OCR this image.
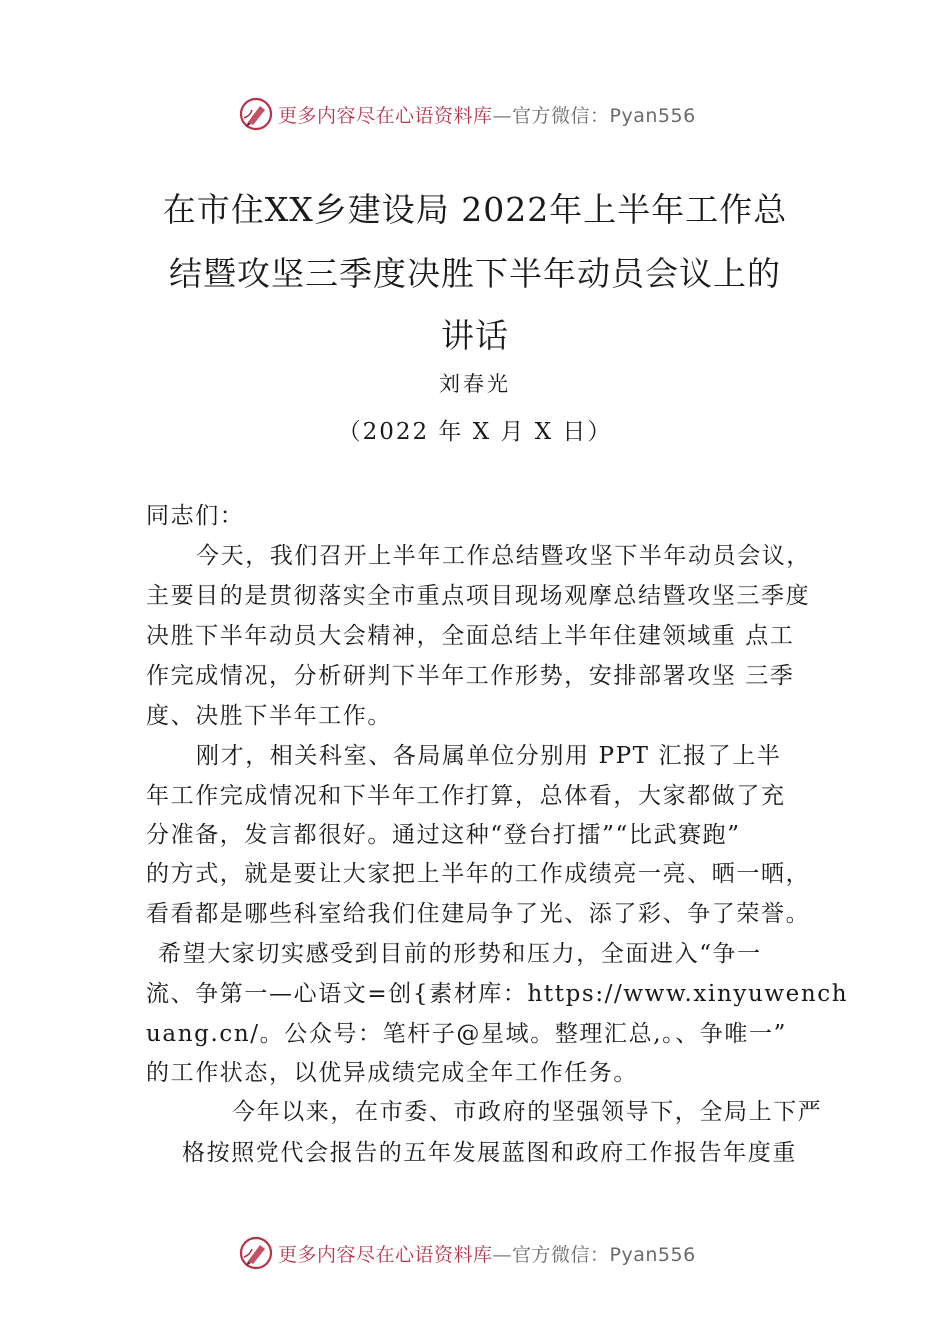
更多内容尽在心语资料库—官方微信：Pyan556
在市住XX乡建设局 2022年上半年工作总
结暨攻坚三季度决胜下半年动员会议上的
讲话
刘春光
（2022 年 X 月 X 日）
同志们：
今天，我们召开上半年工作总结暨攻坚下半年动员会议，
主要目的是贯彻落实全市重点项目现场观摩总结暨攻坚三季度
决胜下半年动员大会精神，全面总结上半年住建领域重 点工
作完成情况，分析研判下半年工作形势，安排部署攻坚 三季
度、决胜下半年工作。
刚才，相关科室、各局属单位分别用 PPT 汇报了上半
年工作完成情况和下半年工作打算，总体看，大家都做了充
分准备，发言都很好。通过这种“登台打擂”“比武赛跑”
的方式，就是要让大家把上半年的工作成绩亮一亮、晒一晒，
看看都是哪些科室给我们住建局争了光、添了彩、争了荣誉。
希望大家切实感受到目前的形势和压力，全面进入“争一
流、争第一—心语文=创{素材库：https://www.xinyuwench
uang.cn/。公众号：笔杆子@星域。整理汇总,。、争唯一”
的工作状态，以优异成绩完成全年工作任务。
今年以来，在市委、市政府的坚强领导下，全局上下严
格按照党代会报告的五年发展蓝图和政府工作报告年度重
更多内容尽在心语资料库—官方微信：Pyan556
